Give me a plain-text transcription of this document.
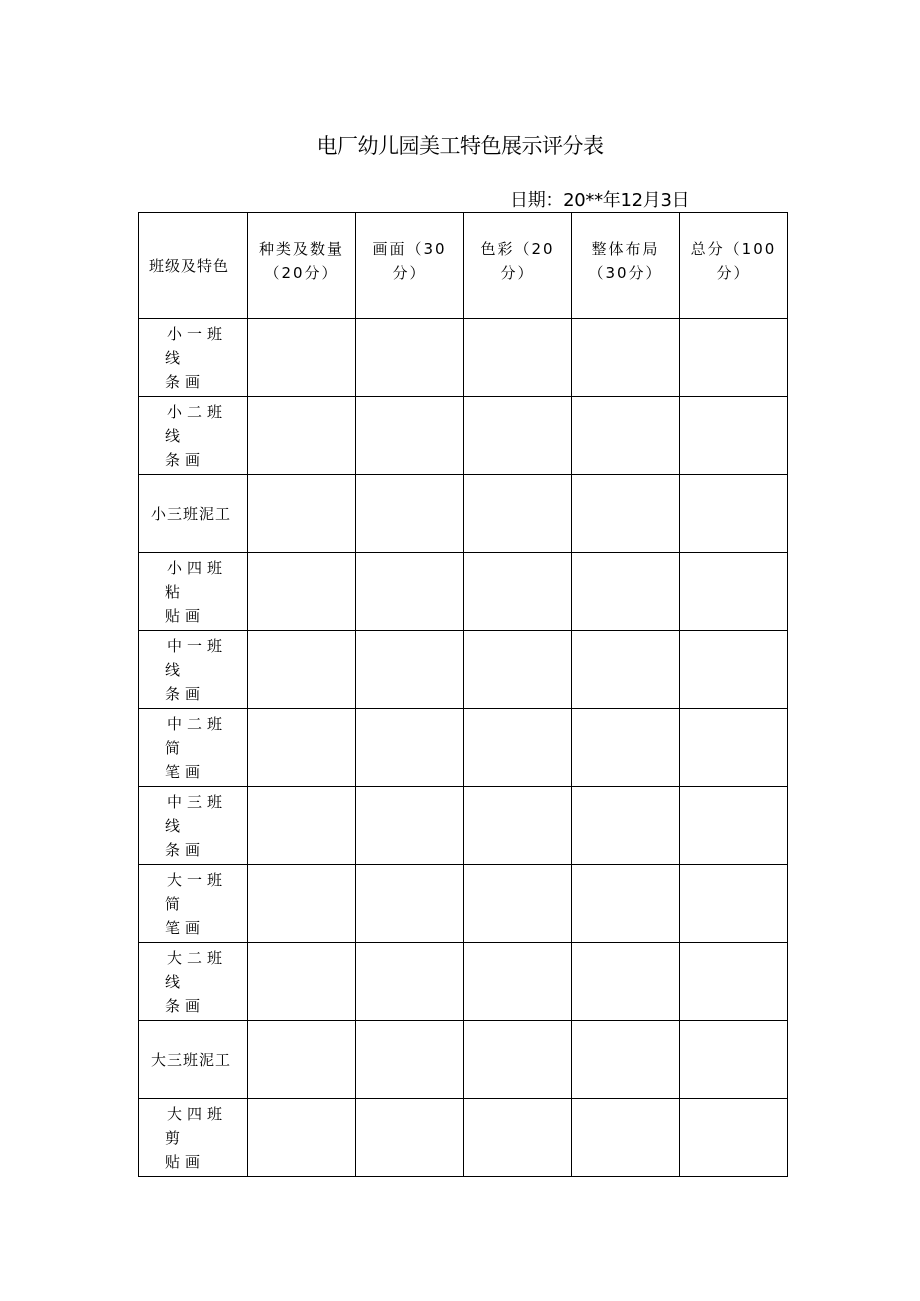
电厂幼儿园美工特色展示评分表
日期：20**年12月3日
班级及特色	种类及数量（20分）	画面（30分）	色彩（20分）	整体布局（30分）	总分（100分）

小一班线
条画					

小二班线
条画					

小三班泥工					

小四班粘
贴画					

中一班线
条画					

中二班简
笔画					

中三班线
条画					

大一班简
笔画					

大二班线
条画					

大三班泥工					

大四班剪
贴画					
